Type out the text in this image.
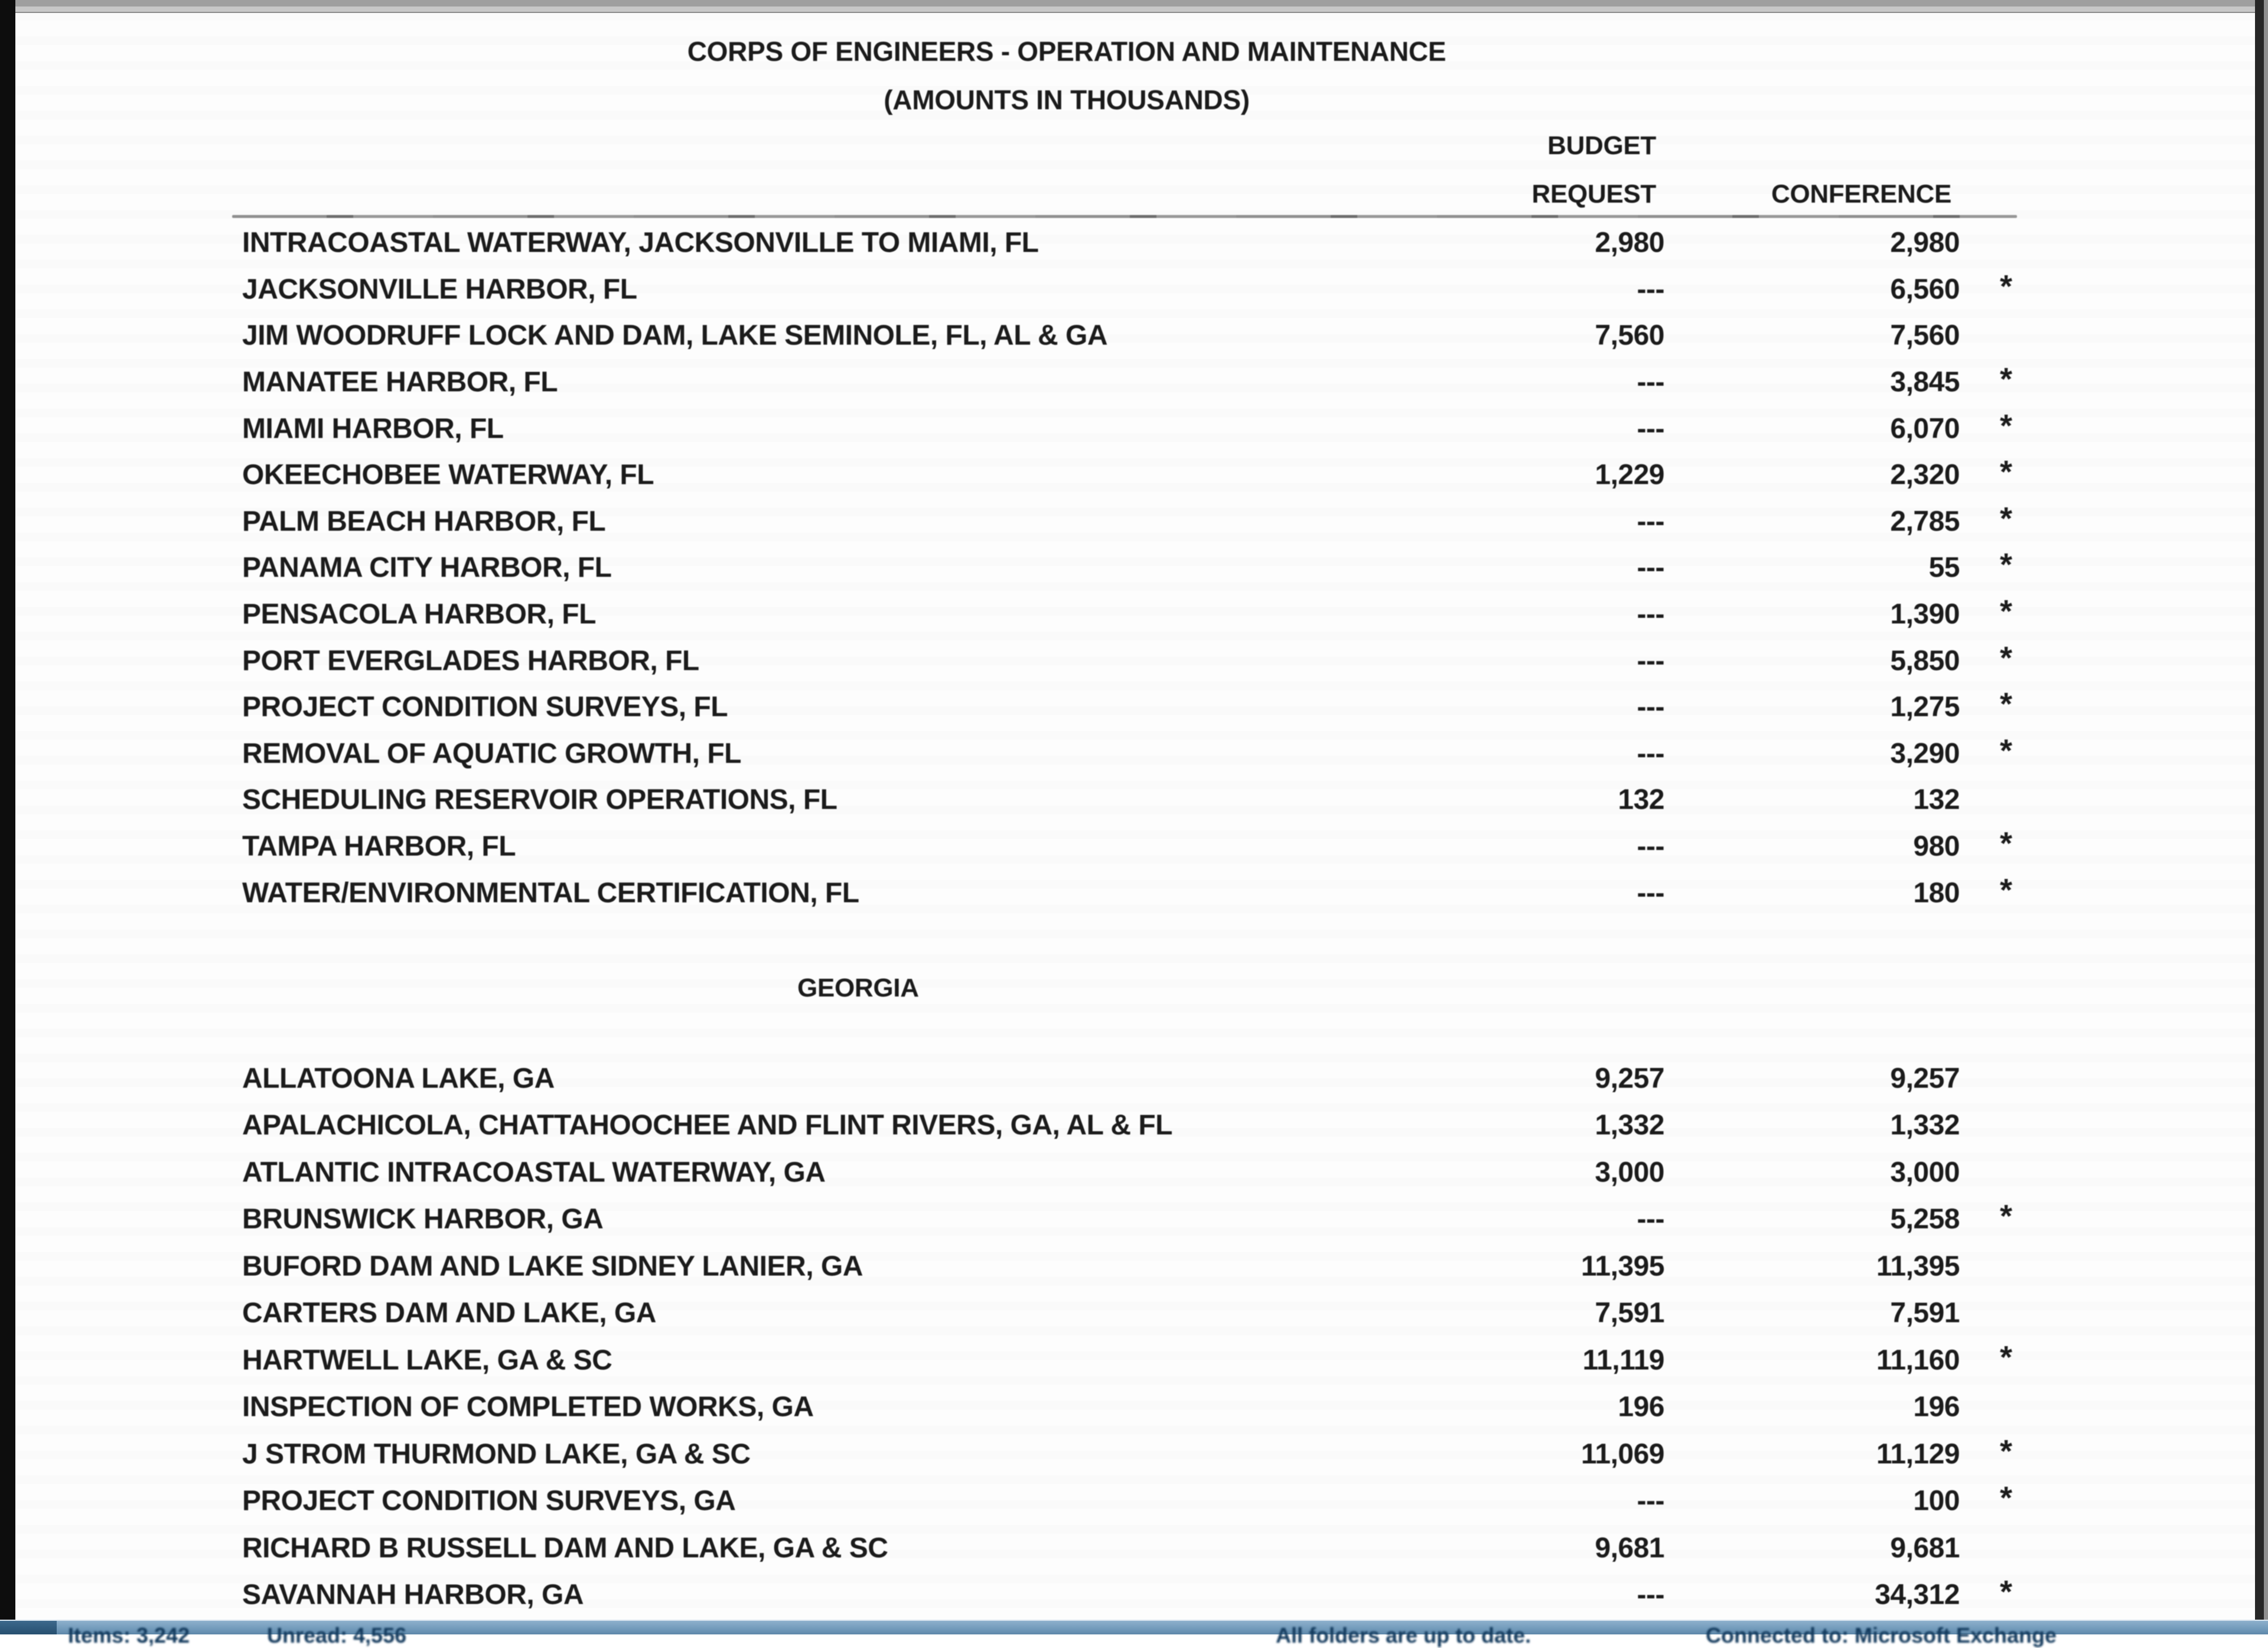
CORPS OF ENGINEERS - OPERATION AND MAINTENANCE
(AMOUNTS IN THOUSANDS)
BUDGET
REQUEST	CONFERENCE
INTRACOASTAL WATERWAY, JACKSONVILLE TO MIAMI, FL	2,980	2,980
JACKSONVILLE HARBOR, FL	---	6,560 *
JIM WOODRUFF LOCK AND DAM, LAKE SEMINOLE, FL, AL & GA	7,560	7,560
MANATEE HARBOR, FL	---	3,845 *
MIAMI HARBOR, FL	---	6,070 *
OKEECHOBEE WATERWAY, FL	1,229	2,320 *
PALM BEACH HARBOR, FL	---	2,785 *
PANAMA CITY HARBOR, FL	---	55 *
PENSACOLA HARBOR, FL	---	1,390 *
PORT EVERGLADES HARBOR, FL	---	5,850 *
PROJECT CONDITION SURVEYS, FL	---	1,275 *
REMOVAL OF AQUATIC GROWTH, FL	---	3,290 *
SCHEDULING RESERVOIR OPERATIONS, FL	132	132
TAMPA HARBOR, FL	---	980 *
WATER/ENVIRONMENTAL CERTIFICATION, FL	---	180 *
GEORGIA
ALLATOONA LAKE, GA	9,257	9,257
APALACHICOLA, CHATTAHOOCHEE AND FLINT RIVERS, GA, AL & FL	1,332	1,332
ATLANTIC INTRACOASTAL WATERWAY, GA	3,000	3,000
BRUNSWICK HARBOR, GA	---	5,258 *
BUFORD DAM AND LAKE SIDNEY LANIER, GA	11,395	11,395
CARTERS DAM AND LAKE, GA	7,591	7,591
HARTWELL LAKE, GA & SC	11,119	11,160 *
INSPECTION OF COMPLETED WORKS, GA	196	196
J STROM THURMOND LAKE, GA & SC	11,069	11,129 *
PROJECT CONDITION SURVEYS, GA	---	100 *
RICHARD B RUSSELL DAM AND LAKE, GA & SC	9,681	9,681
SAVANNAH HARBOR, GA	---	34,312 *
Items: 3,242	Unread: 4,556	All folders are up to date.	Connected to: Microsoft Exchange
